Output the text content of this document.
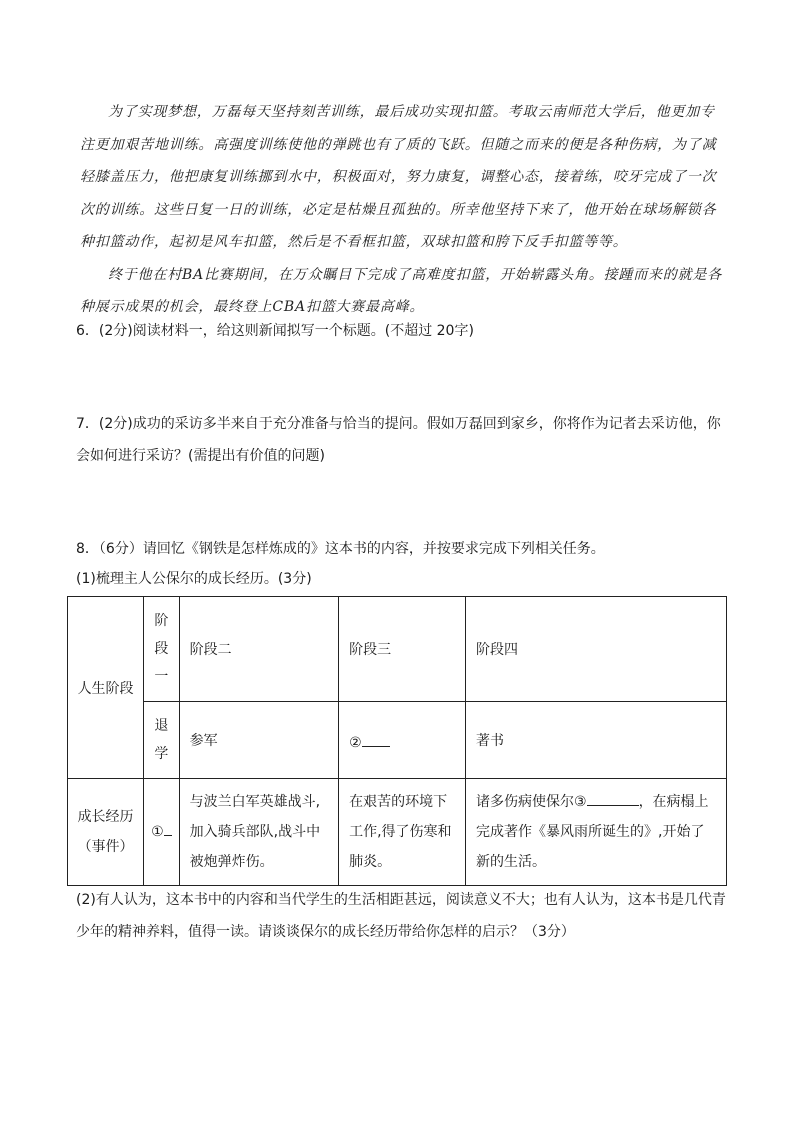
为了实现梦想，万磊每天坚持刻苦训练，最后成功实现扣篮。考取云南师范大学后，他更加专注更加艰苦地训练。高强度训练使他的弹跳也有了质的飞跃。但随之而来的便是各种伤病，为了减轻膝盖压力，他把康复训练挪到水中，积极面对，努力康复，调整心态，接着练，咬牙完成了一次次的训练。这些日复一日的训练，必定是枯燥且孤独的。所幸他坚持下来了，他开始在球场解锁各种扣篮动作，起初是风车扣篮，然后是不看框扣篮，双球扣篮和胯下反手扣篮等等。

终于他在村BA比赛期间，在万众瞩目下完成了高难度扣篮，开始崭露头角。接踵而来的就是各种展示成果的机会，最终登上CBA扣篮大赛最高峰。

6．(2分)阅读材料一，给这则新闻拟写一个标题。(不超过 20字)
7．(2分)成功的采访多半来自于充分准备与恰当的提问。假如万磊回到家乡，你将作为记者去采访他，你会如何进行采访？(需提出有价值的问题)
8．（6分）请回忆《钢铁是怎样炼成的》这本书的内容，并按要求完成下列相关任务。
(1)梳理主人公保尔的成长经历。(3分)
人生阶段	阶段一	阶段二	阶段三	阶段四
	退学	参军	②	著书
成长经历（事件）	①	与波兰白军英雄战斗,加入骑兵部队,战斗中被炮弹炸伤。	在艰苦的环境下工作,得了伤寒和肺炎。	诸多伤病使保尔③ ，在病榻上完成著作《暴风雨所诞生的》,开始了新的生活。
(2)有人认为，这本书中的内容和当代学生的生活相距甚远，阅读意义不大；也有人认为，这本书是几代青少年的精神养料，值得一读。请谈谈保尔的成长经历带给你怎样的启示？（3分）
